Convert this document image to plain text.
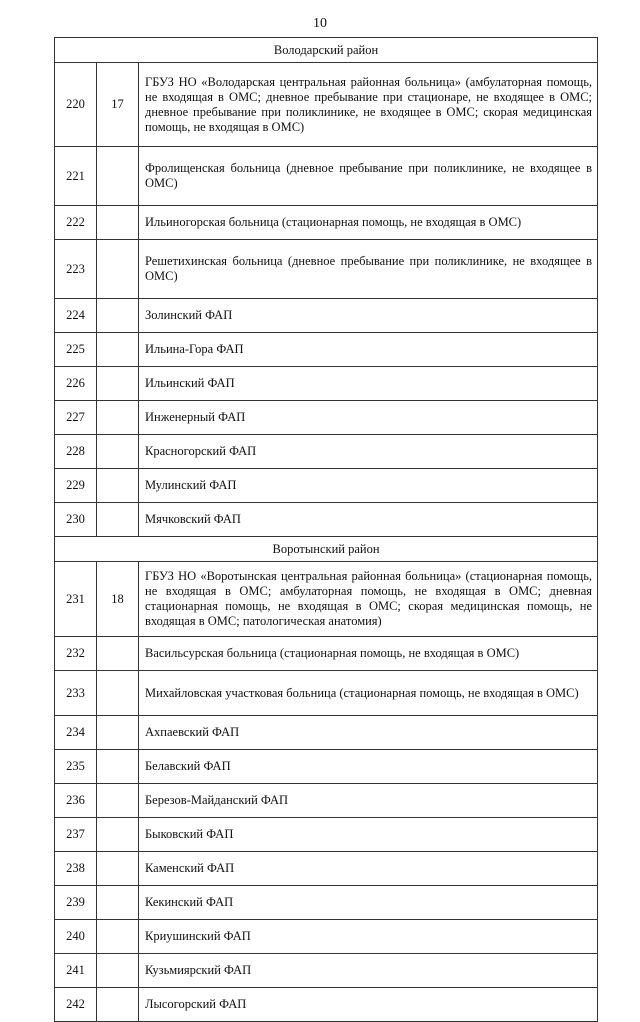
10
Володарский район		
220	17	ГБУЗ НО «Володарская центральная районная больница» (амбулаторная помощь, не входящая в ОМС; дневное пребывание при стационаре, не входящее в ОМС; дневное пребывание при поликлинике, не входящее в ОМС; скорая медицинская помощь, не входящая в ОМС)
221		Фролищенская больница (дневное пребывание при поликлинике, не входящее в ОМС)
222		Ильиногорская больница (стационарная помощь, не входящая в ОМС)
223		Решетихинская больница (дневное пребывание при поликлинике, не входящее в ОМС)
224		Золинский ФАП
225		Ильина-Гора ФАП
226		Ильинский ФАП
227		Инженерный ФАП
228		Красногорский ФАП
229		Мулинский ФАП
230		Мячковский ФАП
Воротынский район		
231	18	ГБУЗ НО «Воротынская центральная районная больница» (стационарная помощь, не входящая в ОМС; амбулаторная помощь, не входящая в ОМС; дневная стационарная помощь, не входящая в ОМС; скорая медицинская помощь, не входящая в ОМС; патологическая анатомия)
232		Васильсурская больница (стационарная помощь, не входящая в ОМС)
233		Михайловская участковая больница (стационарная помощь, не входящая в ОМС)
234		Ахпаевский ФАП
235		Белавский ФАП
236		Березов-Майданский ФАП
237		Быковский ФАП
238		Каменский ФАП
239		Кекинский ФАП
240		Криушинский ФАП
241		Кузьмиярский ФАП
242		Лысогорский ФАП
